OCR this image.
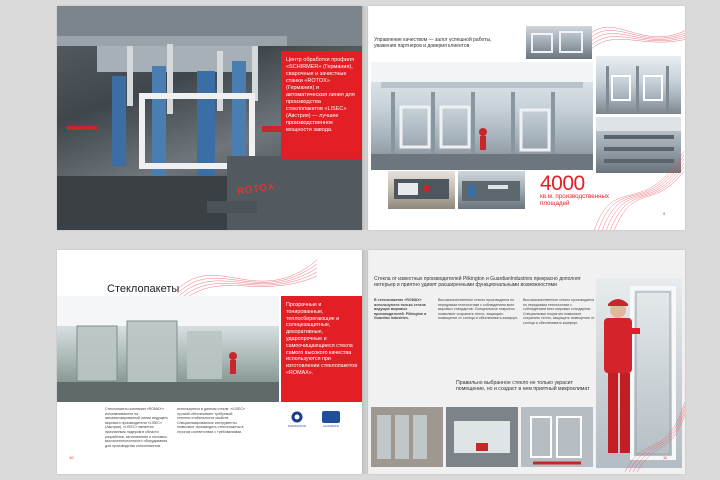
ROTOX

Центр обработки профиля «SCHIRMER» (Германия), сварочные и зачистные станки «ROTOX» (Германия) и автоматическая линия для производства стеклопакетов «LISEC» (Австрия) — лучшее производственное мощности завода.

Управление качеством — залог успешной работы, уважения партнеров и доверия клиентов
4000
кв.м. производственных площадей
9
Стеклопакеты

Прозрачные и тонированные, теплосберегающие и солнцезащитные, декоративные, ударопрочные и самоочищающиеся стекла самого высокого качества используются при изготовлении стеклопакетов «ROMAX».

Стеклопакеты компании «ROMAX» изготавливаются на автоматизированной линии ведущего мирового производителя «LISEC» (Австрия). «LISEC» является признанным лидером в области разработки, изготовления и поставок высокотехнологичного оборудования для производства стеклопакетов.
используются в данном стекле. «LISEC» лучший обеспечивает требуемой степени стабильности свойств. Специализированные инструменты позволяют производить стеклопакеты в строгом соответствии с требованиями.
PILKINGTON	GUARDIAN
10
Стекла от известных производителей Pilkington и GuardianIndustries прекрасно дополнят интерьер и приятно удивят расширенными функциональными возможностями
В стеклопакетах «ROMAX» используются только стекла ведущих мировых производителей: Pilkington и Guardian Industries.
Высококачественное стекло производится по передовым технологиям с соблюдением всех мировых стандартов. Специальные покрытия позволяют сохранять тепло, защищать помещение от солнца и обеспечивать комфорт.
Высококачественное стекло производится по передовым технологиям с соблюдением всех мировых стандартов. Специальные покрытия позволяют сохранять тепло, защищать помещение от солнца и обеспечивать комфорт.
Правильно выбранное стекло не только украсит помещение, но и создаст в нем приятный микроклимат
11
